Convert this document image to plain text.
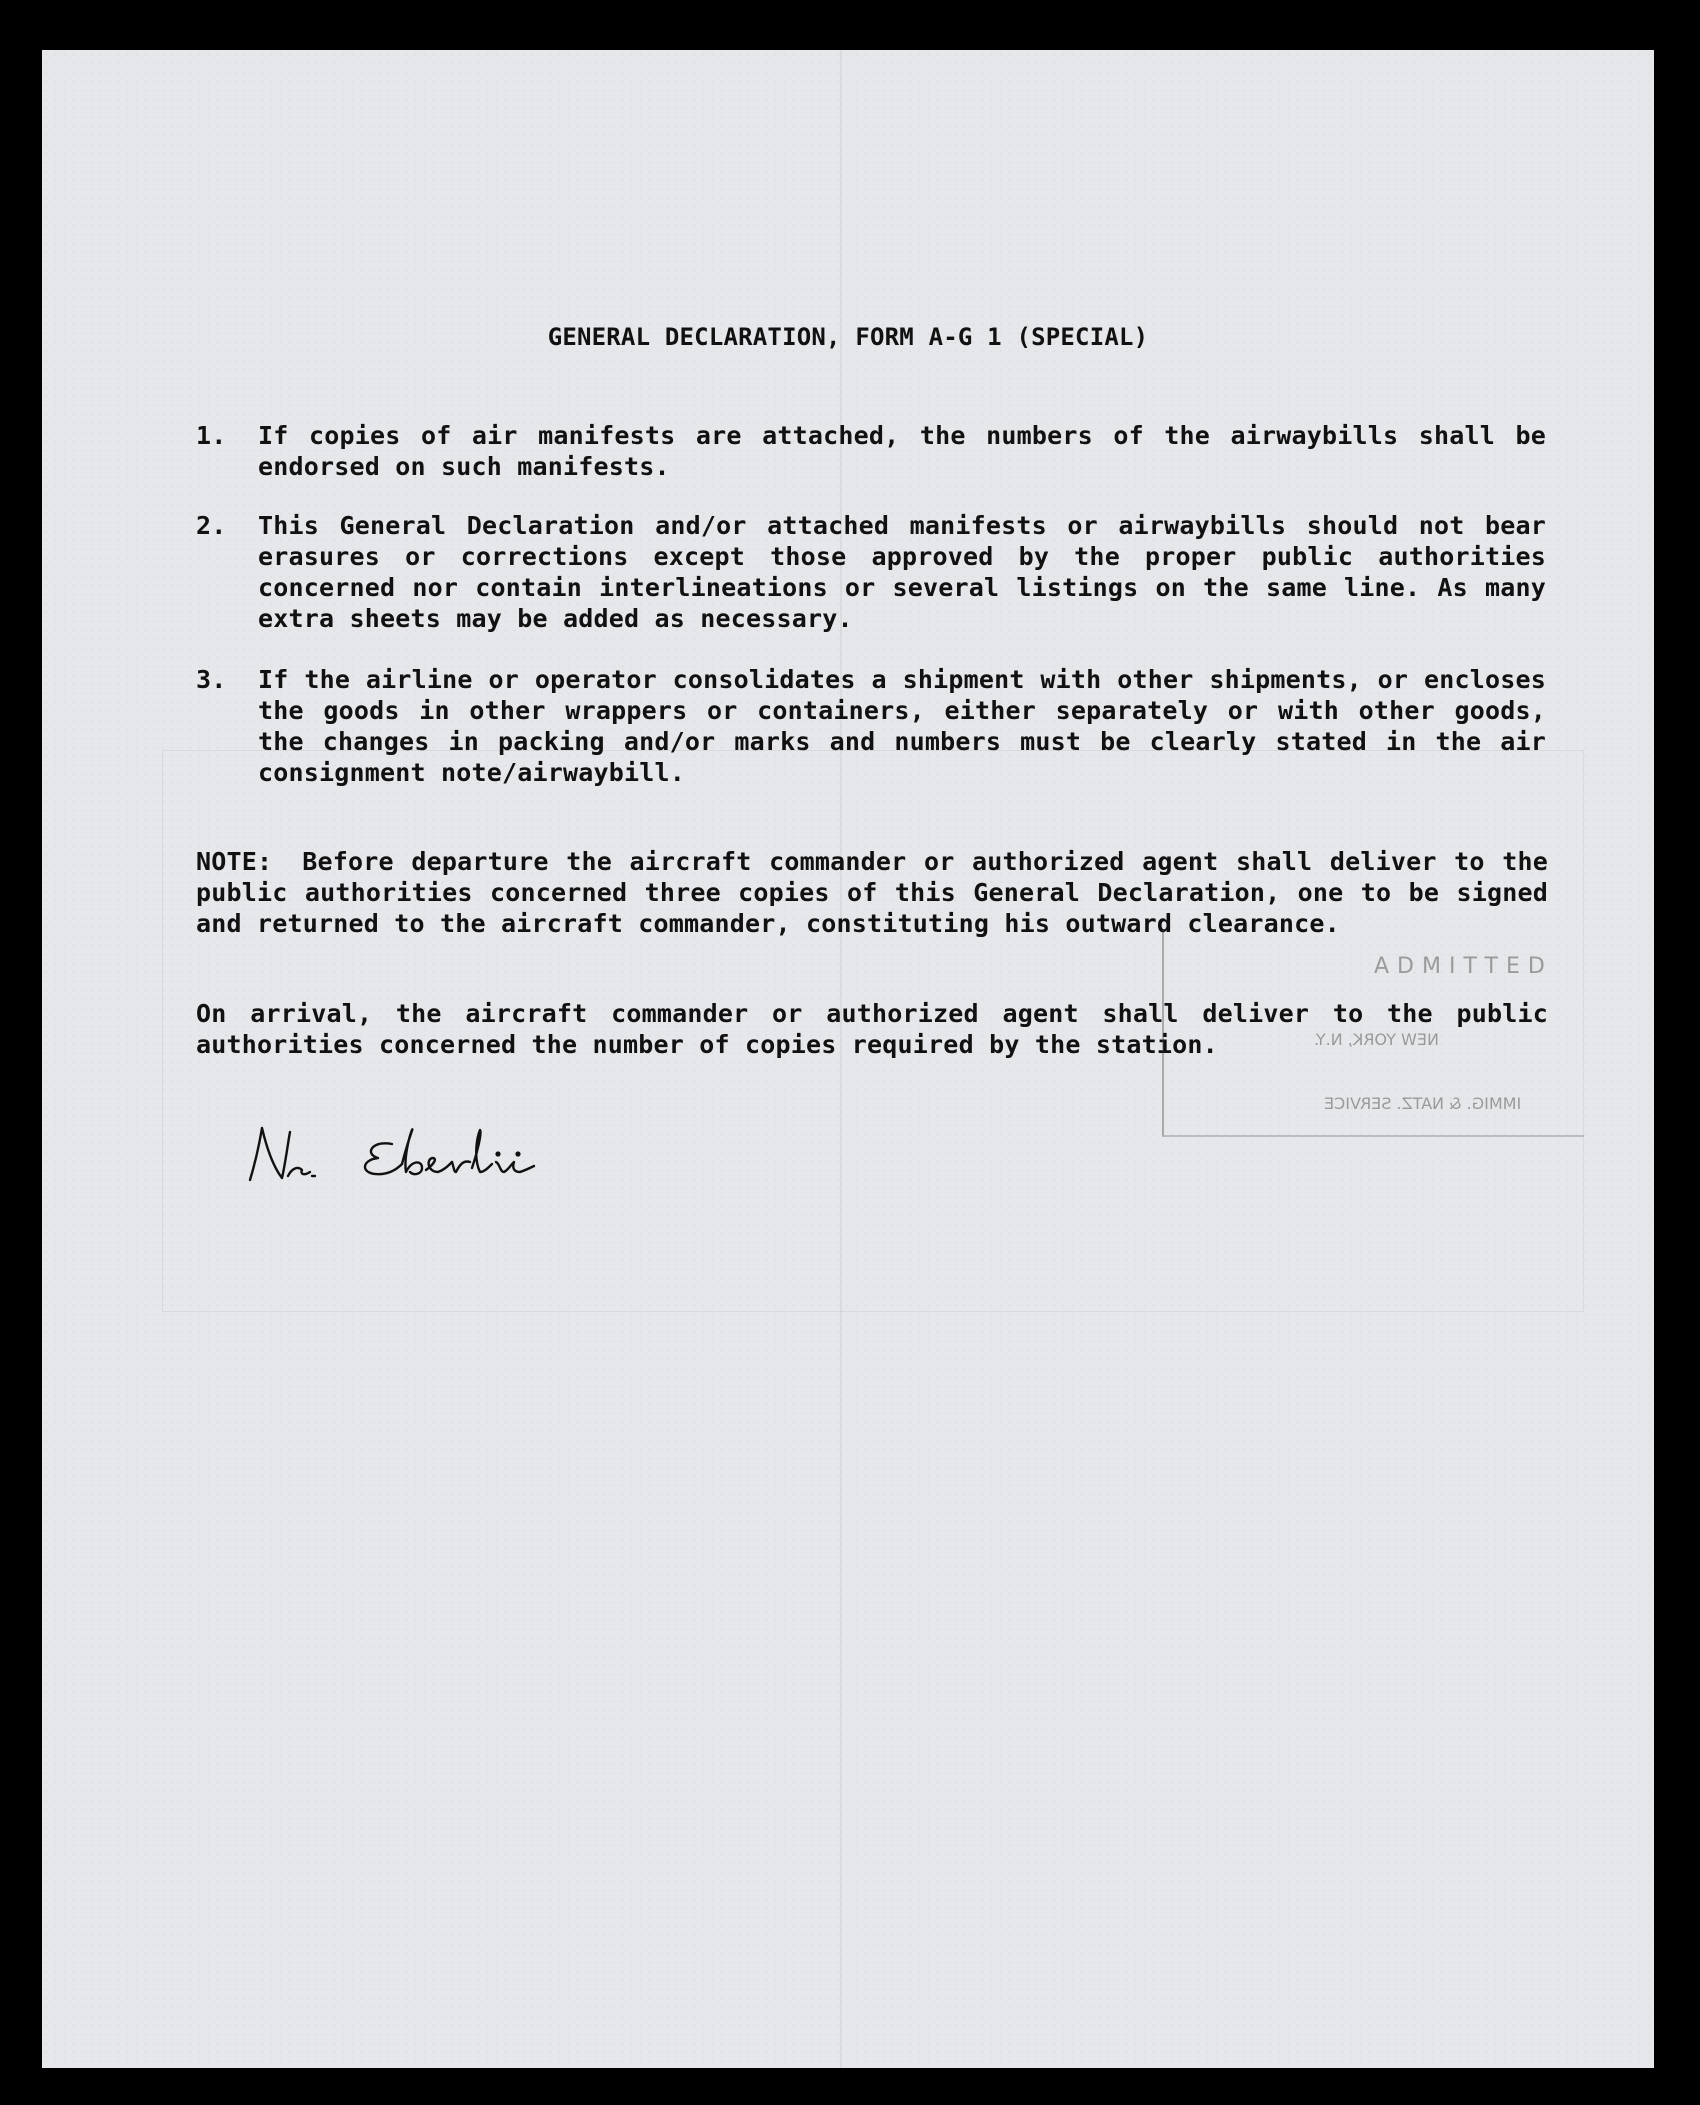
GENERAL DECLARATION, FORM A-G 1 (SPECIAL)
1.	If copies of air manifests are attached, the numbers of the airwaybills shall be endorsed on such manifests.
2.	This General Declaration and/or attached manifests or airwaybills should not bear erasures or corrections except those approved by the proper public authorities concerned nor contain interlineations or several listings on the same line. As many extra sheets may be added as necessary.
3.	If the airline or operator consolidates a shipment with other shipments, or encloses the goods in other wrappers or containers, either separately or with other goods, the changes in packing and/or marks and numbers must be clearly stated in the air consignment note/airwaybill.
NOTE: Before departure the aircraft commander or authorized agent shall deliver to the public authorities concerned three copies of this General Declaration, one to be signed and returned to the aircraft commander, constituting his outward clearance.
On arrival, the aircraft commander or authorized agent shall deliver to the public authorities concerned the number of copies required by the station.
ADMITTED
NEW YORK, N.Y.
IMMIG. & NATZ. SERVICE
Nr. Eberlin
